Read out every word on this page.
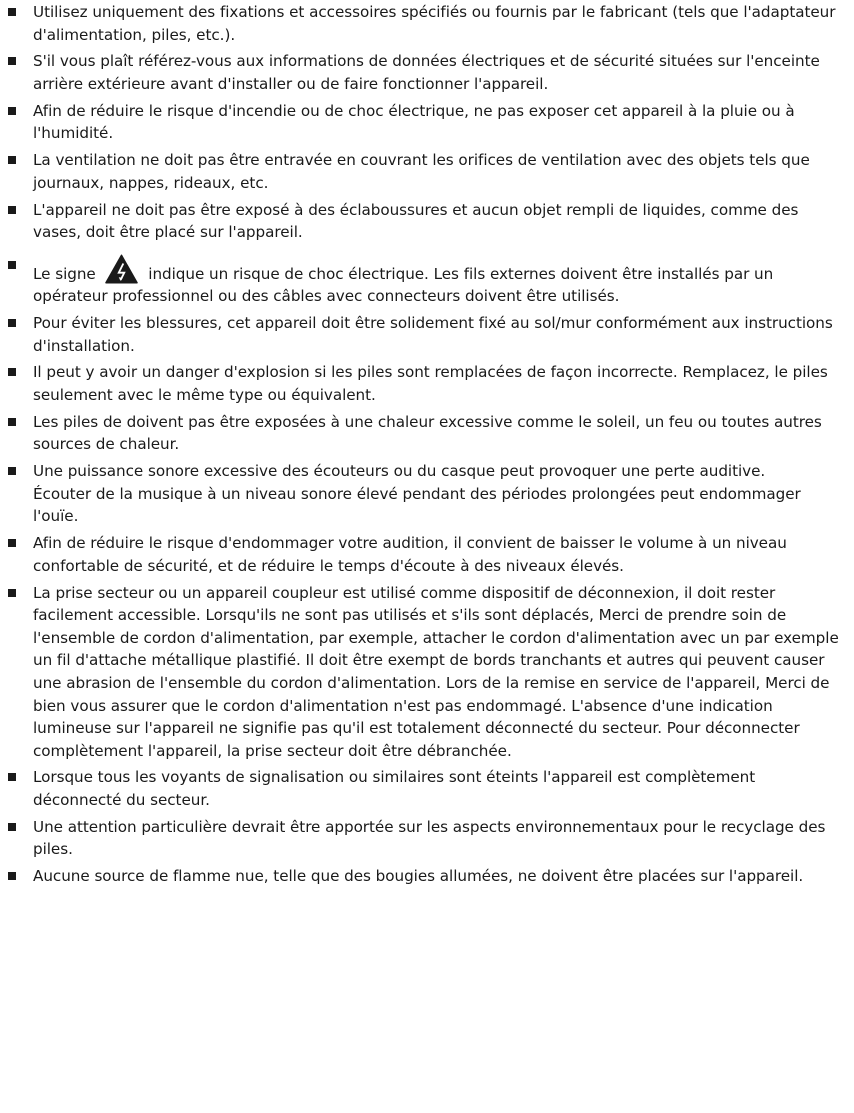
Utilisez uniquement des fixations et accessoires spécifiés ou fournis par le fabricant (tels que l'adaptateur d'alimentation, piles, etc.).
S'il vous plaît référez-vous aux informations de données électriques et de sécurité situées sur l'enceinte arrière extérieure avant d'installer ou de faire fonctionner l'appareil.
Afin de réduire le risque d'incendie ou de choc électrique, ne pas exposer cet appareil à la pluie ou à l'humidité.
La ventilation ne doit pas être entravée en couvrant les orifices de ventilation avec des objets tels que journaux, nappes, rideaux, etc.
L'appareil ne doit pas être exposé à des éclaboussures et aucun objet rempli de liquides, comme des vases, doit être placé sur l'appareil.
Le signe	indique un risque de choc électrique. Les fils externes doivent être installés par un opérateur professionnel ou des câbles avec connecteurs doivent être utilisés.
Pour éviter les blessures, cet appareil doit être solidement fixé au sol/mur conformément aux instructions d'installation.
Il peut y avoir un danger d'explosion si les piles sont remplacées de façon incorrecte. Remplacez, le piles seulement avec le même type ou équivalent.
Les piles de doivent pas être exposées à une chaleur excessive comme le soleil, un feu ou toutes autres sources de chaleur.
Une puissance sonore excessive des écouteurs ou du casque peut provoquer une perte auditive.
Écouter de la musique à un niveau sonore élevé pendant des périodes prolongées peut endommager l'ouïe.
Afin de réduire le risque d'endommager votre audition, il convient de baisser le volume à un niveau confortable de sécurité, et de réduire le temps d'écoute à des niveaux élevés.
La prise secteur ou un appareil coupleur est utilisé comme dispositif de déconnexion, il doit rester facilement accessible. Lorsqu'ils ne sont pas utilisés et s'ils sont déplacés, Merci de prendre soin de l'ensemble de cordon d'alimentation, par exemple, attacher le cordon d'alimentation avec un par exemple un fil d'attache métallique plastifié. Il doit être exempt de bords tranchants et autres qui peuvent causer une abrasion de l'ensemble du cordon d'alimentation. Lors de la remise en service de l'appareil, Merci de bien vous assurer que le cordon d'alimentation n'est pas endommagé. L'absence d'une indication lumineuse sur l'appareil ne signifie pas qu'il est totalement déconnecté du secteur. Pour déconnecter complètement l'appareil, la prise secteur doit être débranchée.
Lorsque tous les voyants de signalisation ou similaires sont éteints l'appareil est complètement déconnecté du secteur.
Une attention particulière devrait être apportée sur les aspects environnementaux pour le recyclage des piles.
Aucune source de flamme nue, telle que des bougies allumées, ne doivent être placées sur l'appareil.
